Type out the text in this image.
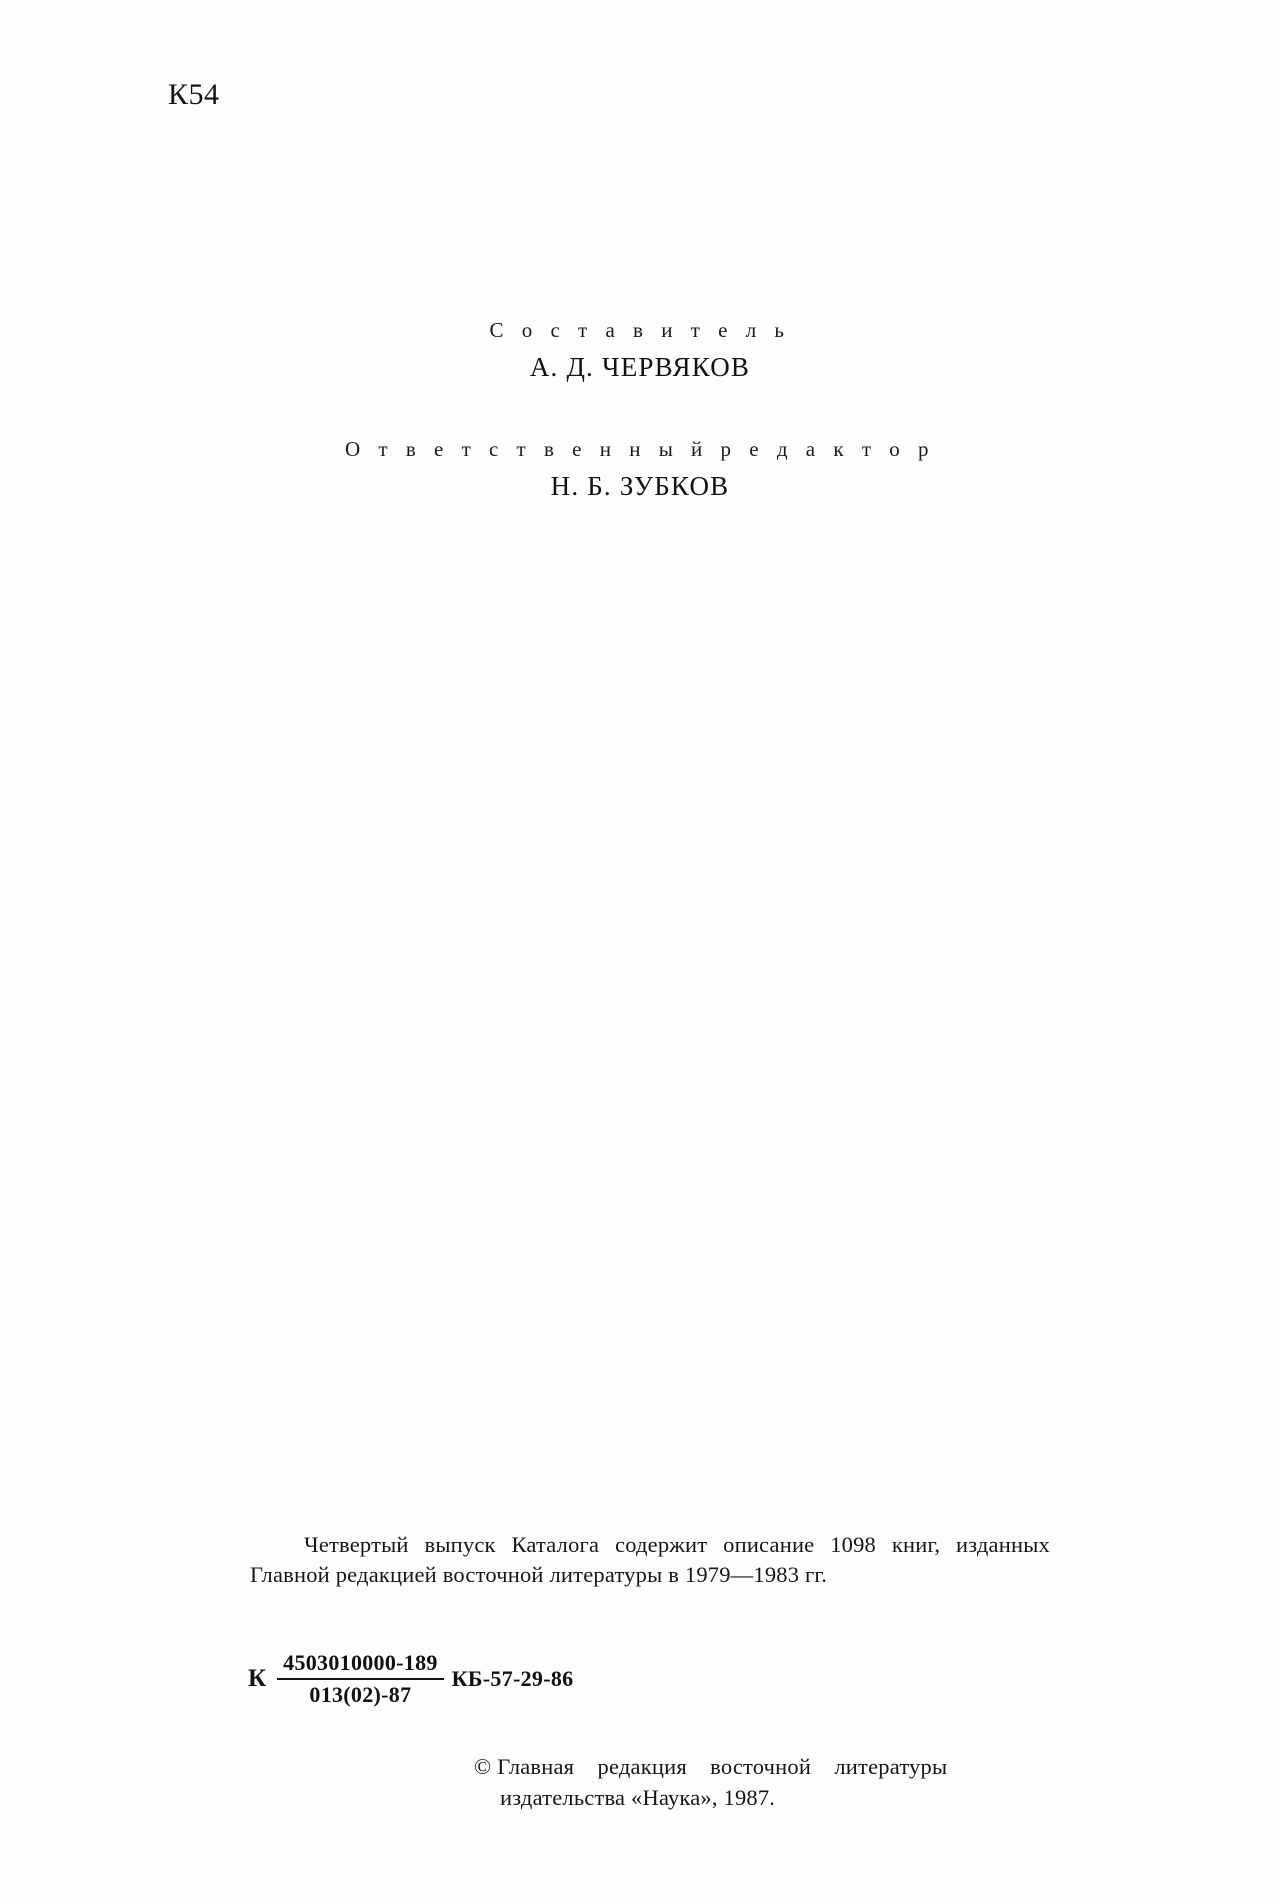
К54

С о с т а в и т е л ь

А. Д. ЧЕРВЯКОВ

О т в е т с т в е н н ы й р е д а к т о р

Н. Б. ЗУБКОВ

Четвертый выпуск Каталога содержит описание 1098 книг, изданных Главной редакцией восточной литературы в 1979—1983 гг.
К $\frac{4503010000-189}{013(02)-87} КБ-57-29-86$
© Главная    редакция    восточной    литературы
издательства «Наука», 1987.
